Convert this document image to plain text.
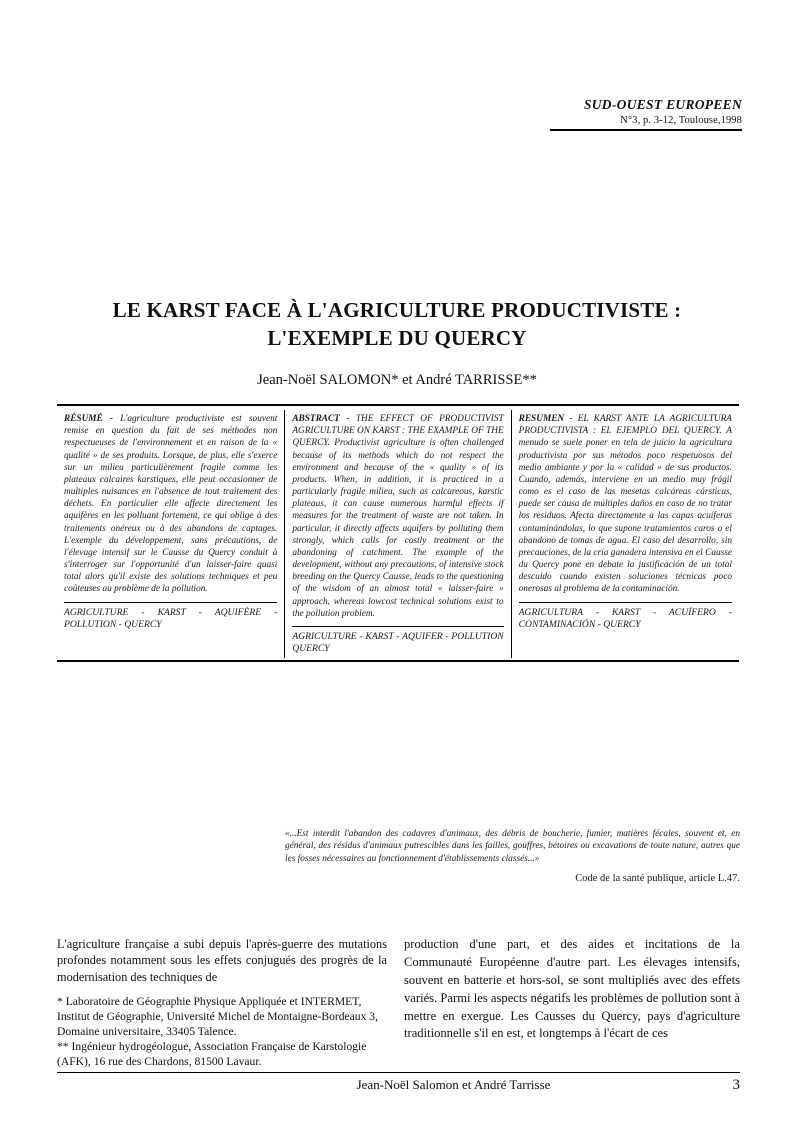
SUD-OUEST EUROPEEN
N°3, p. 3-12, Toulouse,1998
LE KARST FACE À L'AGRICULTURE PRODUCTIVISTE :
L'EXEMPLE DU QUERCY
Jean-Noël SALOMON* et André TARRISSE**

RÉSUMÉ - L'agriculture productiviste est souvent remise en question du fait de ses méthodes non respectueuses de l'environnement et en raison de la « qualité » de ses produits. Lorsque, de plus, elle s'exerce sur un milieu particulièrement fragile comme les plateaux calcaires karstiques, elle peut occasionner de multiples nuisances en l'absence de tout traitement des déchets. En particulier elle affecte directement les aquifères en les polluant fortement, ce qui oblige à des traitements onéreux ou à des abandons de captages. L'exemple du développement, sans précautions, de l'élevage intensif sur le Causse du Quercy conduit à s'interroger sur l'opportunité d'un laisser-faire quasi total alors qu'il existe des solutions techniques et peu coûteuses au problème de la pollution.

AGRICULTURE - KARST - AQUIFÈRE - POLLUTION - QUERCY

ABSTRACT - THE EFFECT OF PRODUCTIVIST AGRICULTURE ON KARST : THE EXAMPLE OF THE QUERCY. Productivist agriculture is often challenged because of its methods which do not respect the environment and because of the « quality » of its products. When, in addition, it is practiced in a particularly fragile milieu, such as calcareous, karstic plateaus, it can cause numerous harmful effects if measures for the treatment of waste are not taken. In particular, it directly affects aquifers by polluting them strongly, which calls for costly treatment or the abandoning of catchment. The example of the development, without any precautions, of intensive stock breeding on the Quercy Causse, leads to the questioning of the wisdom of an almost total « laisser-faire » approach, whereas lowcost technical solutions exist to the pollution problem.

AGRICULTURE - KARST - AQUIFER - POLLUTION QUERCY

RESUMEN - EL KARST ANTE LA AGRICULTURA PRODUCTIVISTA : EL EJEMPLO DEL QUERCY. A menudo se suele poner en tela de juicio la agricultura productivista por sus métodos poco respetuosos del medio ambiante y por la « calidad » de sus productos. Cuando, además, interviene en un medio muy frágil como es el caso de las mesetas calcáreas cársticas, puede ser causa de múltiples daños en caso de no tratar los residuos. Afecta directamente a las capas acuíferas contaminándolas, lo que supone tratamientos caros o el abandono de tomas de agua. El caso del desarrollo, sin precauciones, de la cría ganadera intensiva en el Causse du Quercy pone en debate la justificación de un total descuido cuando existen soluciones técnicas poco onerosas al problema de la contaminación.

AGRICULTURA - KARST - ACUÍFERO - CONTAMINACIÓN - QUERCY

«...Est interdit l'abandon des cadavres d'animaux, des débris de boucherie, fumier, matières fécales, souvent et, en général, des résidus d'animaux putrescibles dans les failles, gouffres, bétoires ou excavations de toute nature, autres que les fosses nécessaires au fonctionnement d'établissements classés...»

Code de la santé publique, article L.47.

L'agriculture française a subi depuis l'après-guerre des mutations profondes notamment sous les effets conjugués des progrès de la modernisation des techniques de

* Laboratoire de Géographie Physique Appliquée et INTERMET, Institut de Géographie, Université Michel de Montaigne-Bordeaux 3, Domaine universitaire, 33405 Talence.

** Ingénieur hydrogéologue, Association Française de Karstologie (AFK), 16 rue des Chardons, 81500 Lavaur.

production d'une part, et des aides et incitations de la Communauté Européenne d'autre part. Les élevages intensifs, souvent en batterie et hors-sol, se sont multipliés avec des effets variés. Parmi les aspects négatifs les problèmes de pollution sont à mettre en exergue. Les Causses du Quercy, pays d'agriculture traditionnelle s'il en est, et longtemps à l'écart de ces

Jean-Noël Salomon et André Tarrisse	3
